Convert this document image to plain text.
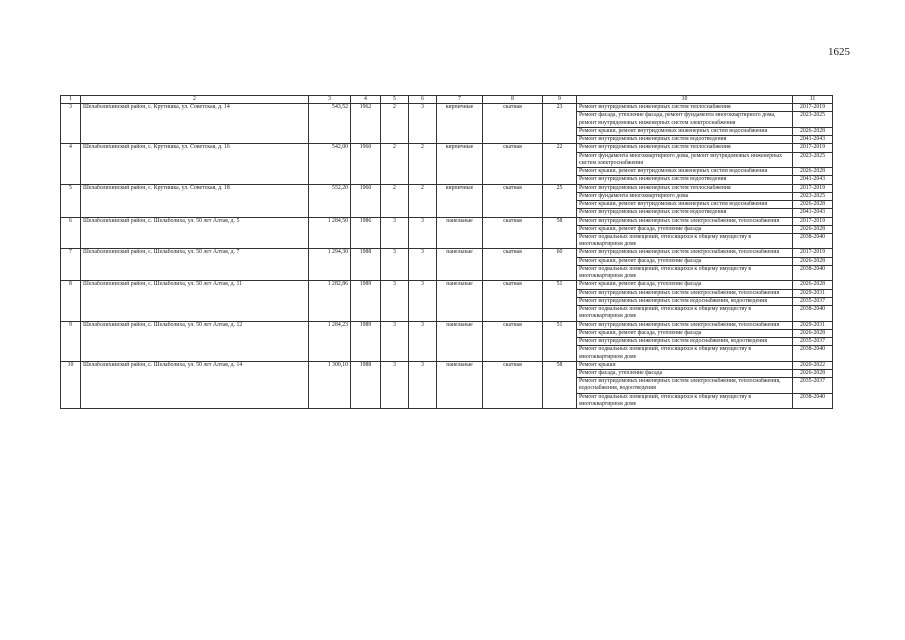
1625
1	2	3	4	5	6	7	8	9	10	11
3	Шелаболихинский район, с. Крутишка, ул. Советская, д. 14	543,52	1962	2	3	кирпичные	скатная	23	Ремонт внутридомовых инженерных систем теплоснабжения	2017-2019
									Ремонт фасада, утепление фасада, ремонт фундамента многоквартирного дома, ремонт внутридомовых инженерных систем электроснабжения	2023-2025
									Ремонт крыши, ремонт внутридомовых инженерных систем водоснабжения	2026-2028
									Ремонт внутридомовых инженерных систем водоотведения	2041-2043
4	Шелаболихинский район, с. Крутишка, ул. Советская, д. 16	542,00	1960	2	2	кирпичные	скатная	22	Ремонт внутридомовых инженерных систем теплоснабжения	2017-2019
									Ремонт фундамента многоквартирного дома, ремонт внутридомовых инженерных систем электроснабжения	2023-2025
									Ремонт крыши, ремонт внутридомовых инженерных систем водоснабжения	2026-2028
									Ремонт внутридомовых инженерных систем водоотведения	2041-2043
5	Шелаболихинский район, с. Крутишка, ул. Советская, д. 18	552,20	1960	2	2	кирпичные	скатная	25	Ремонт внутридомовых инженерных систем теплоснабжения	2017-2019
									Ремонт фундамента многоквартирного дома	2023-2025
									Ремонт крыши, ремонт внутридомовых инженерных систем водоснабжения	2026-2028
									Ремонт внутридомовых инженерных систем водоотведения	2041-2043
6	Шелаболихинский район, с. Шелаболиха, ул. 50 лет Алтая, д. 5	1 284,50	1986	3	3	панельные	скатная	58	Ремонт внутридомовых инженерных систем электроснабжения, теплоснабжения	2017-2019
									Ремонт крыши, ремонт фасада, утепление фасада	2026-2028
									Ремонт подвальных помещений, относящихся к общему имуществу в многоквартирном доме	2038-2040
7	Шелаболихинский район, с. Шелаболиха, ул. 50 лет Алтая, д. 7	1 294,30	1988	3	3	панельные	скатная	60	Ремонт внутридомовых инженерных систем электроснабжения, теплоснабжения	2017-2019
									Ремонт крыши, ремонт фасада, утепление фасада	2026-2028
									Ремонт подвальных помещений, относящихся к общему имуществу в многоквартирном доме	2038-2040
8	Шелаболихинский район, с. Шелаболиха, ул. 50 лет Алтая, д. 11	1 282,86	1989	3	3	панельные	скатная	51	Ремонт крыши, ремонт фасада, утепление фасада	2026-2028
									Ремонт внутридомовых инженерных систем электроснабжения, теплоснабжения	2029-2031
									Ремонт внутридомовых инженерных систем водоснабжения, водоотведения	2035-2037
									Ремонт подвальных помещений, относящихся к общему имуществу в многоквартирном доме	2038-2040
9	Шелаболихинский район, с. Шелаболиха, ул. 50 лет Алтая, д. 12	1 284,23	1989	3	3	панельные	скатная	51	Ремонт внутридомовых инженерных систем электроснабжения, теплоснабжения	2029-2031
									Ремонт крыши, ремонт фасада, утепление фасада	2026-2028
									Ремонт внутридомовых инженерных систем водоснабжения, водоотведения	2035-2037
									Ремонт подвальных помещений, относящихся к общему имуществу в многоквартирном доме	2038-2040
10	Шелаболихинский район, с. Шелаболиха, ул. 50 лет Алтая, д. 14	1 300,10	1988	3	3	панельные	скатная	58	Ремонт крыши	2020-2022
									Ремонт фасада, утепление фасада	2026-2028
									Ремонт внутридомовых инженерных систем электроснабжения, теплоснабжения, водоснабжения, водоотведения	2035-2037
									Ремонт подвальных помещений, относящихся к общему имуществу в многоквартирном доме	2038-2040
